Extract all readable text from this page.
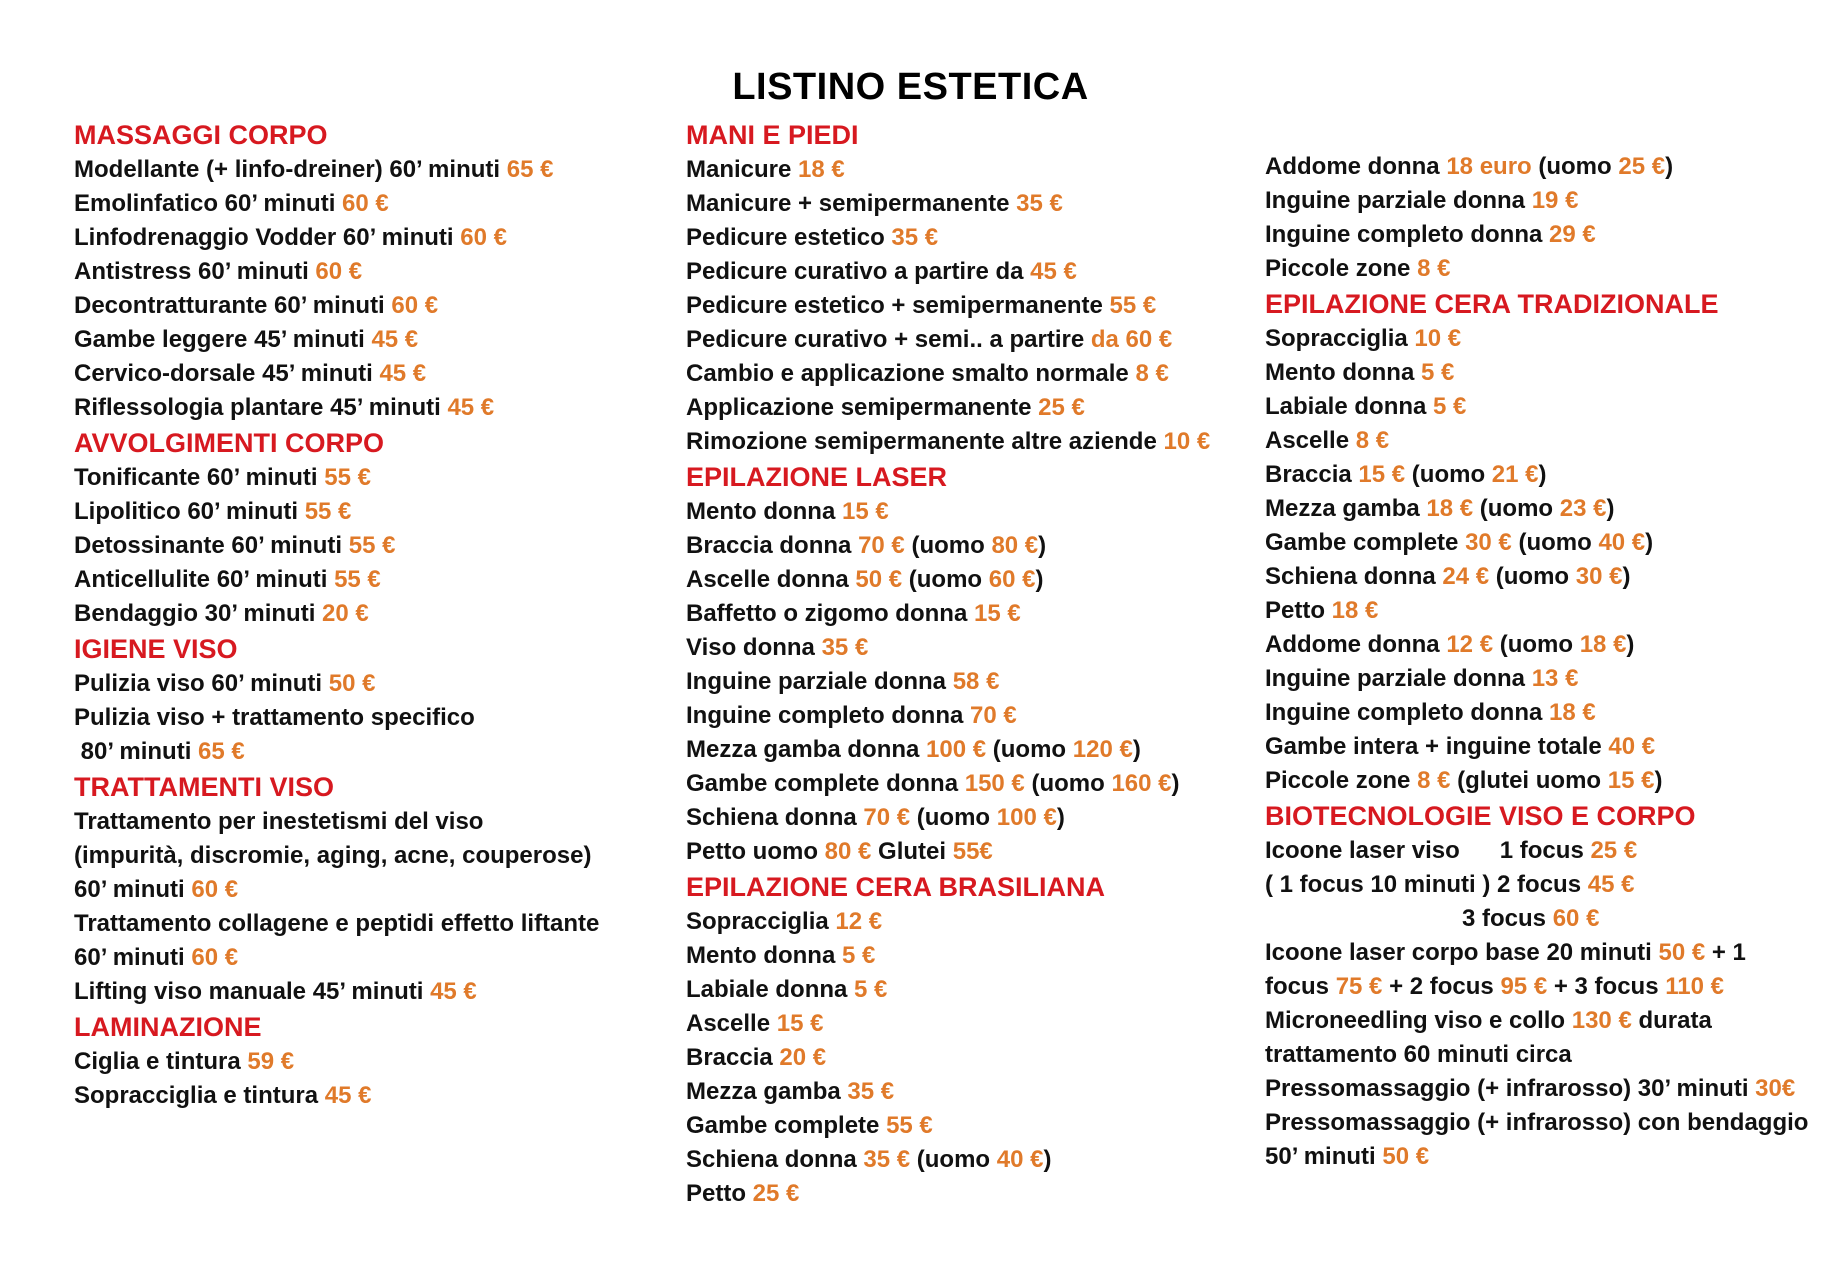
LISTINO ESTETICA
MASSAGGI CORPO
Modellante (+ linfo-dreiner) 60’ minuti 65 €
Emolinfatico 60’ minuti 60 €
Linfodrenaggio Vodder 60’ minuti 60 €
Antistress 60’ minuti 60 €
Decontratturante 60’ minuti 60 €
Gambe leggere 45’ minuti 45 €
Cervico-dorsale 45’ minuti 45 €
Riflessologia plantare 45’ minuti 45 €
AVVOLGIMENTI CORPO
Tonificante 60’ minuti 55 €
Lipolitico 60’ minuti 55 €
Detossinante 60’ minuti 55 €
Anticellulite 60’ minuti 55 €
Bendaggio 30’ minuti 20 €
IGIENE VISO
Pulizia viso 60’ minuti 50 €
Pulizia viso + trattamento specifico
80’ minuti 65 €
TRATTAMENTI VISO
Trattamento per inestetismi del viso
(impurità, discromie, aging, acne, couperose)
60’ minuti 60 €
Trattamento collagene e peptidi effetto liftante
60’ minuti 60 €
Lifting viso manuale 45’ minuti 45 €
LAMINAZIONE
Ciglia e tintura 59 €
Sopracciglia e tintura 45 €
MANI E PIEDI
Manicure 18 €
Manicure + semipermanente 35 €
Pedicure estetico 35 €
Pedicure curativo a partire da 45 €
Pedicure estetico + semipermanente 55 €
Pedicure curativo + semi.. a partire da 60 €
Cambio e applicazione smalto normale 8 €
Applicazione semipermanente 25 €
Rimozione semipermanente altre aziende 10 €
EPILAZIONE LASER
Mento donna 15 €
Braccia donna 70 € (uomo 80 €)
Ascelle donna 50 € (uomo 60 €)
Baffetto o zigomo donna 15 €
Viso donna 35 €
Inguine parziale donna 58 €
Inguine completo donna 70 €
Mezza gamba donna 100 € (uomo 120 €)
Gambe complete donna 150 € (uomo 160 €)
Schiena donna 70 € (uomo 100 €)
Petto uomo 80 € Glutei 55€
EPILAZIONE CERA BRASILIANA
Sopracciglia 12 €
Mento donna 5 €
Labiale donna 5 €
Ascelle 15 €
Braccia 20 €
Mezza gamba 35 €
Gambe complete 55 €
Schiena donna 35 € (uomo 40 €)
Petto 25 €
Addome donna 18 euro (uomo 25 €)
Inguine parziale donna 19 €
Inguine completo donna 29 €
Piccole zone 8 €
EPILAZIONE CERA TRADIZIONALE
Sopracciglia 10 €
Mento donna 5 €
Labiale donna 5 €
Ascelle 8 €
Braccia 15 € (uomo 21 €)
Mezza gamba 18 € (uomo 23 €)
Gambe complete 30 € (uomo 40 €)
Schiena donna 24 € (uomo 30 €)
Petto 18 €
Addome donna 12 € (uomo 18 €)
Inguine parziale donna 13 €
Inguine completo donna 18 €
Gambe intera + inguine totale 40 €
Piccole zone 8 € (glutei uomo 15 €)
BIOTECNOLOGIE VISO E CORPO
Icoone laser viso      1 focus 25 €
( 1 focus 10 minuti ) 2 focus 45 €
3 focus 60 €
Icoone laser corpo base 20 minuti 50 € + 1
focus 75 € + 2 focus 95 € + 3 focus 110 €
Microneedling viso e collo 130 € durata
trattamento 60 minuti circa
Pressomassaggio (+ infrarosso) 30’ minuti 30€
Pressomassaggio (+ infrarosso) con bendaggio
50’ minuti 50 €
